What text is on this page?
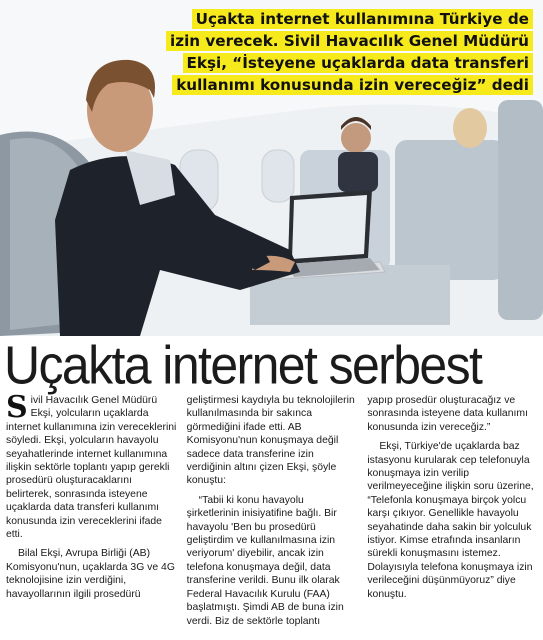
Uçakta internet kullanımına Türkiye de
izin verecek. Sivil Havacılık Genel Müdürü
Ekşi, “İsteyene uçaklarda data transferi
kullanımı konusunda izin vereceğiz” dedi
Uçakta internet serbest

Sivil Havacılık Genel Müdürü Ekşi, yolcuların uçaklarda internet kullanımına izin vereceklerini söyledi. Ekşi, yolcuların havayolu seyahatlerinde internet kullanımına ilişkin sektörle toplantı yapıp gerekli prosedürü oluşturacaklarını belirterek, sonrasında isteyene uçaklarda data transferi kullanımı konusunda izin vereceklerini ifade etti.

Bilal Ekşi, Avrupa Birliği (AB) Komisyonu'nun, uçaklarda 3G ve 4G teknolojisine izin verdiğini, havayollarının ilgili prosedürü

geliştirmesi kaydıyla bu teknolojilerin kullanılmasında bir sakınca görmediğini ifade etti. AB Komisyonu'nun konuşmaya değil sadece data transferine izin verdiğinin altını çizen Ekşi, şöyle konuştu:

“Tabii ki konu havayolu şirketlerinin inisiyatifine bağlı. Bir havayolu 'Ben bu prosedürü geliştirdim ve kullanılmasına izin veriyorum' diyebilir, ancak izin telefona konuşmaya değil, data transferine verildi. Bunu ilk olarak Federal Havacılık Kurulu (FAA) başlatmıştı. Şimdi AB de buna izin verdi. Biz de sektörle toplantı

yapıp prosedür oluşturacağız ve sonrasında isteyene data kullanımı konusunda izin vereceğiz.”

Ekşi, Türkiye'de uçaklarda baz istasyonu kurularak cep telefonuyla konuşmaya izin verilip verilmeyeceğine ilişkin soru üzerine, “Telefonla konuşmaya birçok yolcu karşı çıkıyor. Genellikle havayolu seyahatinde daha sakin bir yolculuk istiyor. Kimse etrafında insanların sürekli konuşmasını istemez. Dolayısıyla telefona konuşmaya izin verileceğini düşünmüyoruz” diye konuştu.
